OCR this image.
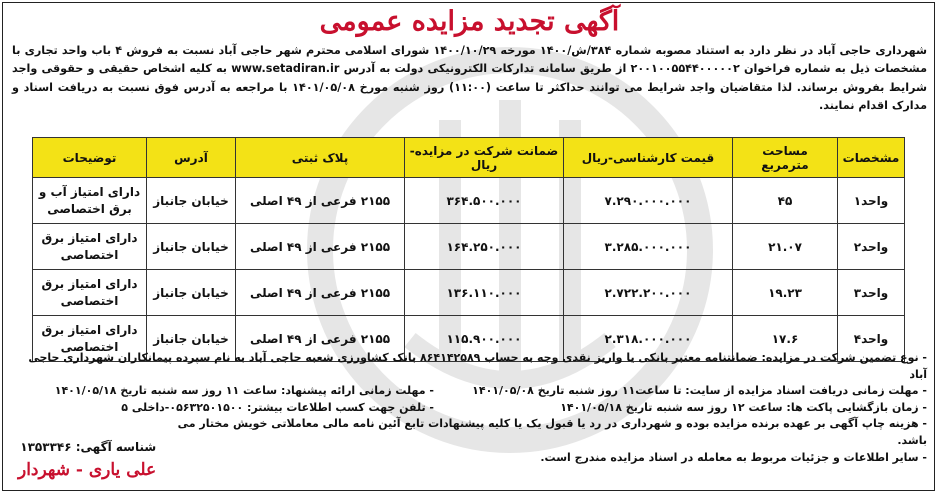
آگهی تجدید مزایده عمومی
شهرداری حاجی آباد در نظر دارد به استناد مصوبه شماره ۳۸۴/ش/۱۴۰۰ مورخه ۱۴۰۰/۱۰/۲۹ شورای اسلامی محترم شهر حاجی آباد نسبت به فروش ۴ باب واحد تجاری با مشخصات ذیل به شماره فراخوان ۲۰۰۱۰۰۵۵۴۴۰۰۰۰۰۲ از طریق سامانه تدارکات الکترونیکی دولت به آدرس www.setadiran.ir به کلیه اشخاص حقیقی و حقوقی واجد شرایط بفروش برساند. لذا متقاضیان واجد شرایط می توانند حداکثر تا ساعت (۱۱:۰۰) روز شنبه مورخ ۱۴۰۱/۰۵/۰۸ با مراجعه به آدرس فوق نسبت به دریافت اسناد و مدارک اقدام نمایند.
مشخصات	مساحت مترمربع	قیمت کارشناسی-ریال	ضمانت شرکت در مزایده-ریال	پلاک ثبتی	آدرس	توضیحات
واحد۱	۴۵	۷.۲۹۰.۰۰۰.۰۰۰	۳۶۴.۵۰۰.۰۰۰	۲۱۵۵ فرعی از ۴۹ اصلی	خیابان جانباز	دارای امتیاز آب و برق اختصاصی
واحد۲	۲۱.۰۷	۳.۲۸۵.۰۰۰.۰۰۰	۱۶۴.۲۵۰.۰۰۰	۲۱۵۵ فرعی از ۴۹ اصلی	خیابان جانباز	دارای امتیاز برق اختصاصی
واحد۳	۱۹.۲۳	۲.۷۲۲.۲۰۰.۰۰۰	۱۳۶.۱۱۰.۰۰۰	۲۱۵۵ فرعی از ۴۹ اصلی	خیابان جانباز	دارای امتیاز برق اختصاصی
واحد۴	۱۷.۶	۲.۳۱۸.۰۰۰.۰۰۰	۱۱۵.۹۰۰.۰۰۰	۲۱۵۵ فرعی از ۴۹ اصلی	خیابان جانباز	دارای امتیاز برق اختصاصی
- نوع تضمین شرکت در مزایده: ضمانتنامه معتبر بانکی یا واریز نقدی وجه به حساب ۸۶۴۱۴۲۵۸۹ بانک کشاورزی شعبه حاجی آباد به نام سپرده پیمانکاران شهرداری حاجی آباد
- مهلت زمانی دریافت اسناد مزایده از سایت: تا ساعت۱۱ روز شنبه تاریخ ۱۴۰۱/۰۵/۰۸
- مهلت زمانی ارائه پیشنهاد: ساعت ۱۱ روز سه شنبه تاریخ ۱۴۰۱/۰۵/۱۸
- زمان بازگشایی پاکت ها: ساعت ۱۲ روز سه شنبه تاریخ ۱۴۰۱/۰۵/۱۸
- تلفن جهت کسب اطلاعات بیشتر: ۰۵۶۳۲۵۰۱۵۰۰-داخلی ۵
- هزینه چاپ آگهی بر عهده برنده مزایده بوده و شهرداری در رد یا قبول یک یا کلیه پیشنهادات تابع آئین نامه مالی معاملاتی خویش مختار می باشد.
- سایر اطلاعات و جزئیات مربوط به معامله در اسناد مزایده مندرج است.
شناسه آگهی: ۱۳۵۳۳۴۶
علی یاری - شهردار
